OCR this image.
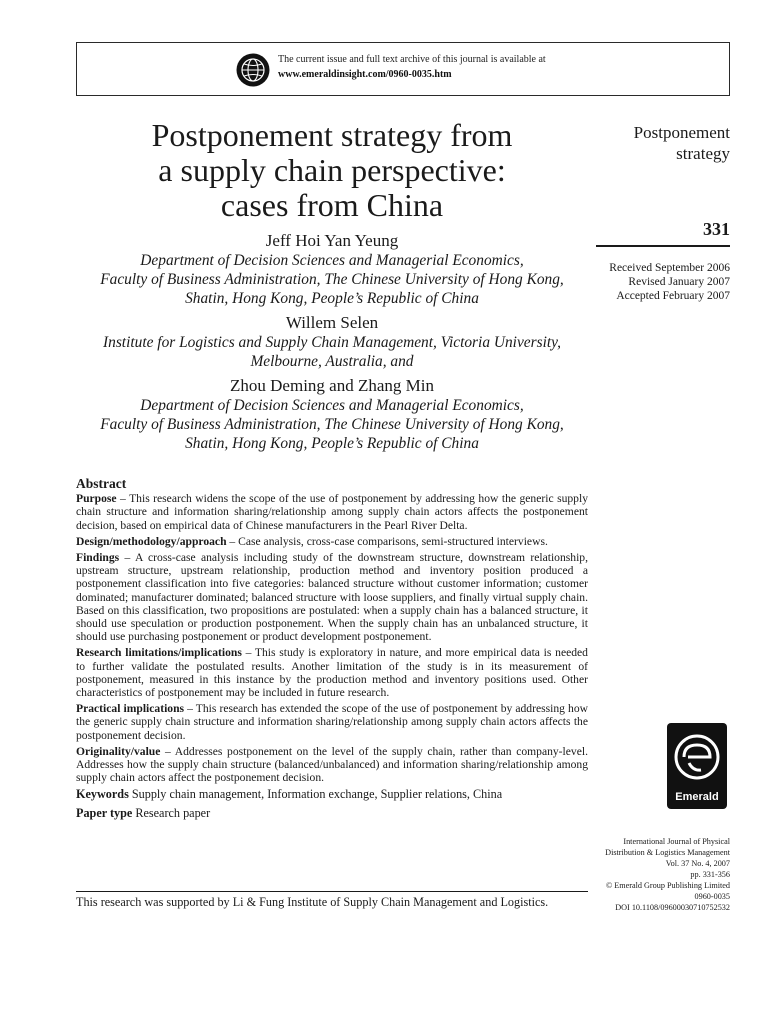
The current issue and full text archive of this journal is available at
www.emeraldinsight.com/0960-0035.htm
Postponement strategy from
a supply chain perspective:
cases from China
Jeff Hoi Yan Yeung
Department of Decision Sciences and Managerial Economics,
Faculty of Business Administration, The Chinese University of Hong Kong,
Shatin, Hong Kong, People’s Republic of China
Willem Selen
Institute for Logistics and Supply Chain Management, Victoria University,
Melbourne, Australia, and
Zhou Deming and Zhang Min
Department of Decision Sciences and Managerial Economics,
Faculty of Business Administration, The Chinese University of Hong Kong,
Shatin, Hong Kong, People’s Republic of China
Postponement
strategy
331
Received September 2006
Revised January 2007
Accepted February 2007
Abstract

Purpose – This research widens the scope of the use of postponement by addressing how the generic supply chain structure and information sharing/relationship among supply chain actors affects the postponement decision, based on empirical data of Chinese manufacturers in the Pearl River Delta.

Design/methodology/approach – Case analysis, cross-case comparisons, semi-structured interviews.

Findings – A cross-case analysis including study of the downstream structure, downstream relationship, upstream structure, upstream relationship, production method and inventory position produced a postponement classification into five categories: balanced structure without customer information; customer dominated; manufacturer dominated; balanced structure with loose suppliers, and finally virtual supply chain. Based on this classification, two propositions are postulated: when a supply chain has a balanced structure, it should use speculation or production postponement. When the supply chain has an unbalanced structure, it should use purchasing postponement or product development postponement.

Research limitations/implications – This study is exploratory in nature, and more empirical data is needed to further validate the postulated results. Another limitation of the study is in its measurement of postponement, measured in this instance by the production method and inventory positions used. Other characteristics of postponement may be included in future research.

Practical implications – This research has extended the scope of the use of postponement by addressing how the generic supply chain structure and information sharing/relationship among supply chain actors affects the postponement decision.

Originality/value – Addresses postponement on the level of the supply chain, rather than company-level. Addresses how the supply chain structure (balanced/unbalanced) and information sharing/relationship among supply chain actors affect the postponement decision.

Keywords Supply chain management, Information exchange, Supplier relations, China
Paper type Research paper
This research was supported by Li & Fung Institute of Supply Chain Management and Logistics.
Emerald
International Journal of Physical
Distribution & Logistics Management
Vol. 37 No. 4, 2007
pp. 331-356
© Emerald Group Publishing Limited
0960-0035
DOI 10.1108/09600030710752532
